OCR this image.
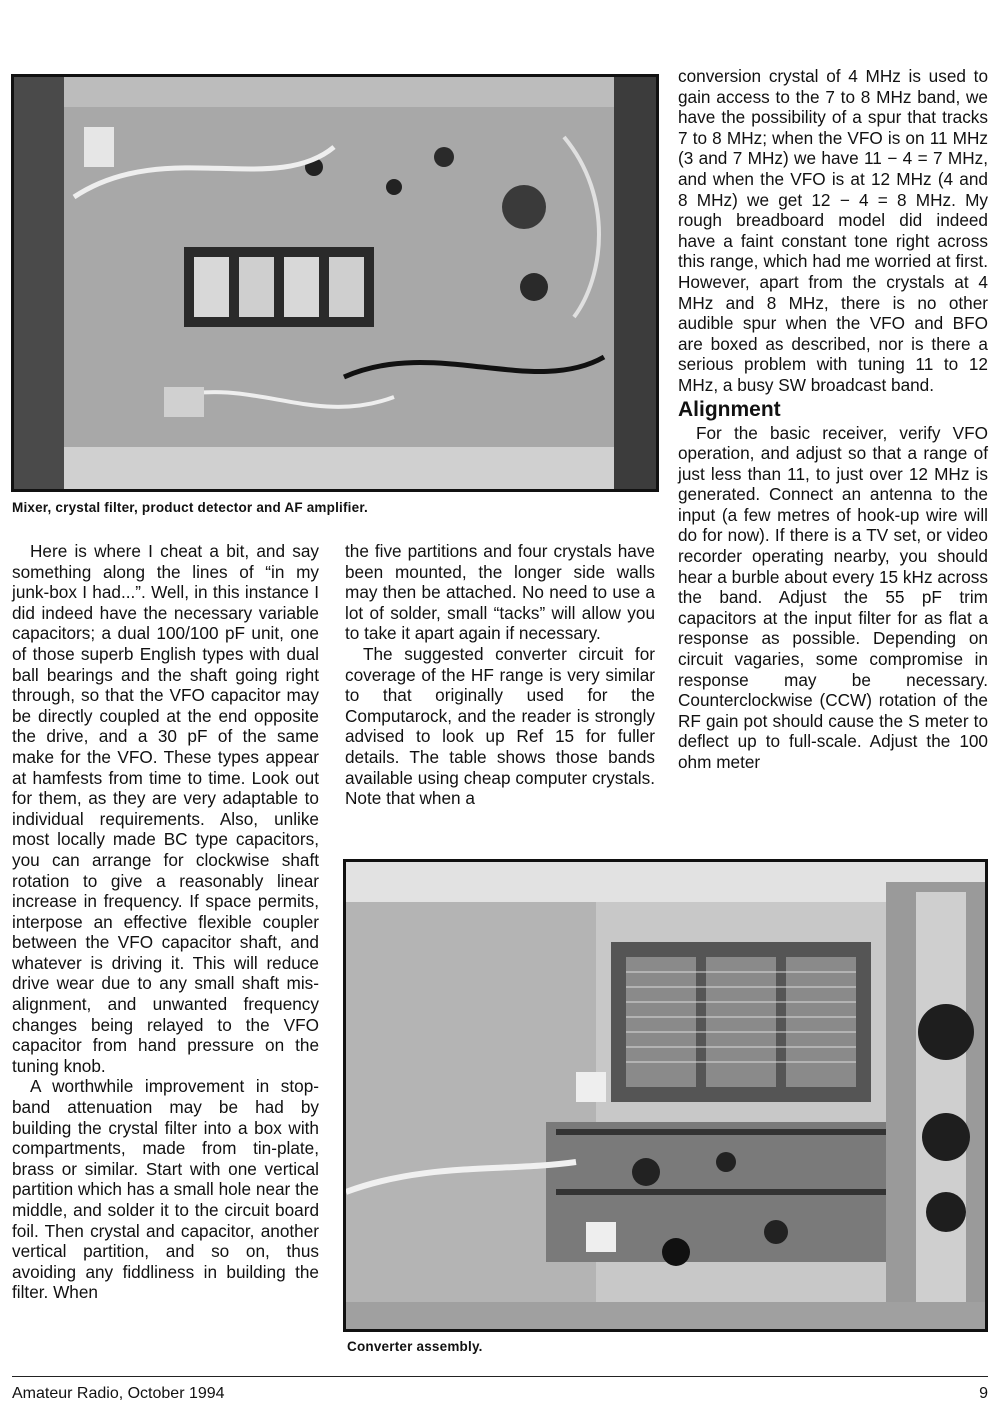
Mixer, crystal filter, product detector and AF amplifier.

conversion crystal of 4 MHz is used to gain access to the 7 to 8 MHz band, we have the possibility of a spur that tracks 7 to 8 MHz; when the VFO is on 11 MHz (3 and 7 MHz) we have 11 − 4 = 7 MHz, and when the VFO is at 12 MHz (4 and 8 MHz) we get 12 − 4 = 8 MHz. My rough breadboard model did indeed have a faint constant tone right across this range, which had me worried at first. However, apart from the crystals at 4 MHz and 8 MHz, there is no other audible spur when the VFO and BFO are boxed as described, nor is there a serious problem with tuning 11 to 12 MHz, a busy SW broadcast band.

Alignment

For the basic receiver, verify VFO operation, and adjust so that a range of just less than 11, to just over 12 MHz is generated. Connect an antenna to the input (a few metres of hook-up wire will do for now). If there is a TV set, or video recorder operating nearby, you should hear a burble about every 15 kHz across the band. Adjust the 55 pF trim capacitors at the input filter for as flat a response as possible. Depending on circuit vagaries, some compromise in response may be necessary. Counterclockwise (CCW) rotation of the RF gain pot should cause the S meter to deflect up to full-scale. Adjust the 100 ohm meter

Here is where I cheat a bit, and say something along the lines of “in my junk-box I had...”. Well, in this instance I did indeed have the necessary variable capacitors; a dual 100/100 pF unit, one of those superb English types with dual ball bearings and the shaft going right through, so that the VFO capacitor may be directly coupled at the end opposite the drive, and a 30 pF of the same make for the VFO. These types appear at hamfests from time to time. Look out for them, as they are very adaptable to individual requirements. Also, unlike most locally made BC type capacitors, you can arrange for clockwise shaft rotation to give a reasonably linear increase in frequency. If space permits, interpose an effective flexible coupler between the VFO capacitor shaft, and whatever is driving it. This will reduce drive wear due to any small shaft mis-alignment, and unwanted frequency changes being relayed to the VFO capacitor from hand pressure on the tuning knob.

A worthwhile improvement in stop-band attenuation may be had by building the crystal filter into a box with compartments, made from tin-plate, brass or similar. Start with one vertical partition which has a small hole near the middle, and solder it to the circuit board foil. Then crystal and capacitor, another vertical partition, and so on, thus avoiding any fiddliness in building the filter. When

the five partitions and four crystals have been mounted, the longer side walls may then be attached. No need to use a lot of solder, small “tacks” will allow you to take it apart again if necessary.

The suggested converter circuit for coverage of the HF range is very similar to that originally used for the Computarock, and the reader is strongly advised to look up Ref 15 for fuller details. The table shows those bands available using cheap computer crystals. Note that when a

Converter assembly.
Amateur Radio, October 1994	9
